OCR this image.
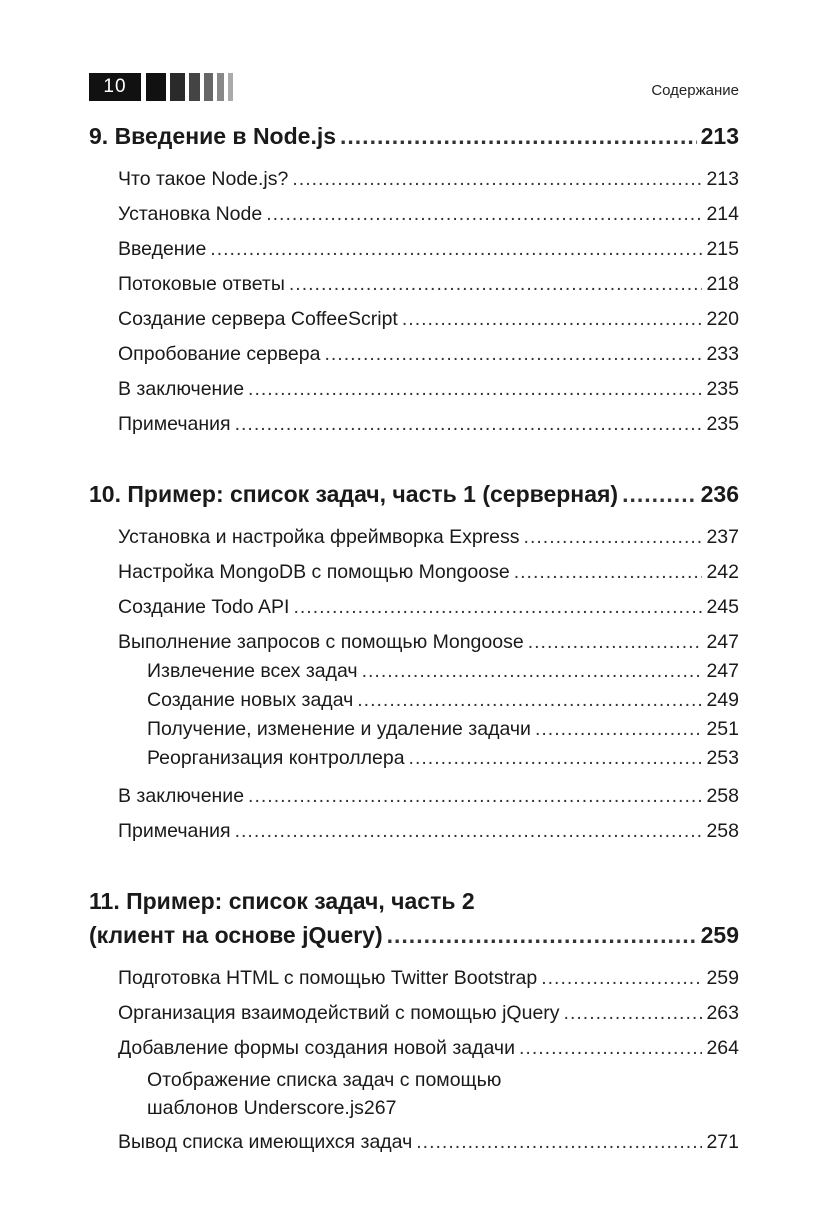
10	Содержание
9. Введение в Node.js .....	213
Что такое Node.js? .....	213
Установка Node .....	214
Введение .....	215
Потоковые ответы .....	218
Создание сервера CoffeeScript .....	220
Опробование сервера .....	233
В заключение .....	235
Примечания .....	235
10. Пример: список задач, часть 1 (серверная) .....	236
Установка и настройка фреймворка Express .....	237
Настройка MongoDB с помощью Mongoose .....	242
Создание Todo API .....	245
Выполнение запросов с помощью Mongoose .....	247
Извлечение всех задач .....	247
Создание новых задач .....	249
Получение, изменение и удаление задачи .....	251
Реорганизация контроллера .....	253
В заключение .....	258
Примечания .....	258
11. Пример: список задач, часть 2
(клиент на основе jQuery) .....	259
Подготовка HTML с помощью Twitter Bootstrap .....	259
Организация взаимодействий с помощью jQuery .....	263
Добавление формы создания новой задачи .....	264
Отображение списка задач с помощью
шаблонов Underscore.js 267
Вывод списка имеющихся задач .....	271
